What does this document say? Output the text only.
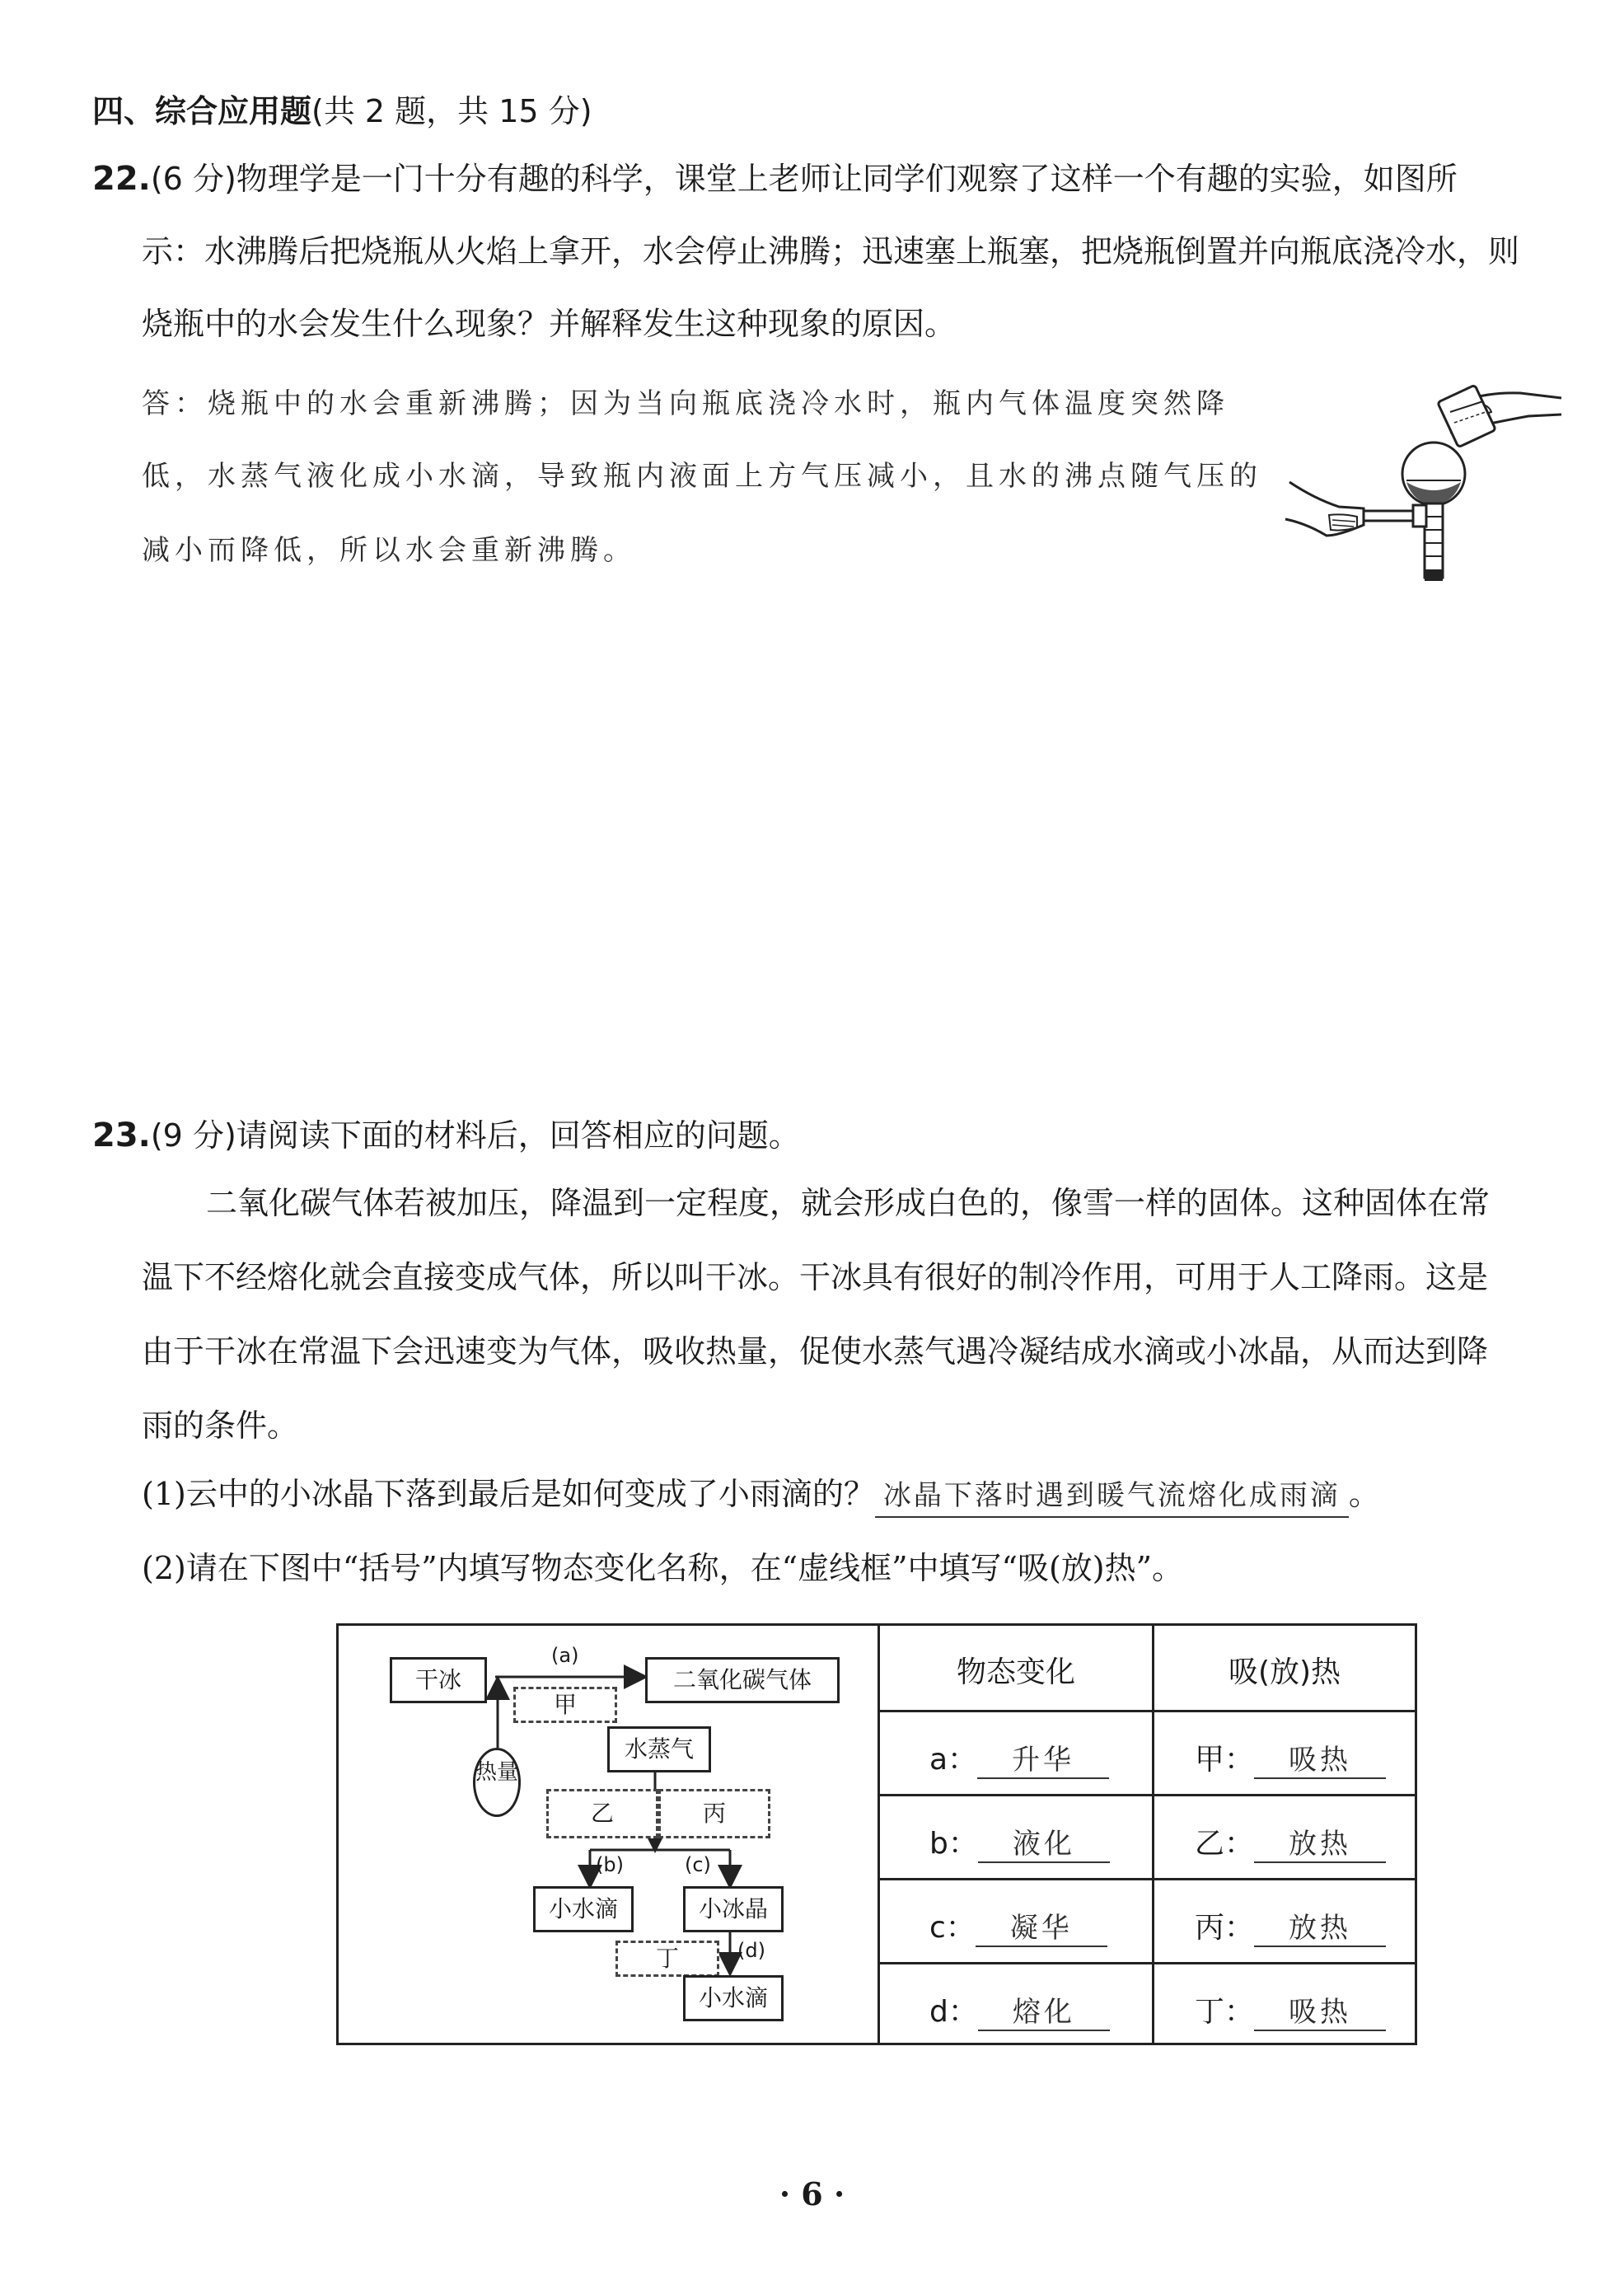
四、综合应用题(共 2 题，共 15 分)
22.(6 分)物理学是一门十分有趣的科学，课堂上老师让同学们观察了这样一个有趣的实验，如图所
示：水沸腾后把烧瓶从火焰上拿开，水会停止沸腾；迅速塞上瓶塞，把烧瓶倒置并向瓶底浇冷水，则
烧瓶中的水会发生什么现象？并解释发生这种现象的原因。
答：烧瓶中的水会重新沸腾；因为当向瓶底浇冷水时，瓶内气体温度突然降
低，水蒸气液化成小水滴，导致瓶内液面上方气压减小，且水的沸点随气压的
减小而降低，所以水会重新沸腾。
23.(9 分)请阅读下面的材料后，回答相应的问题。
二氧化碳气体若被加压，降温到一定程度，就会形成白色的，像雪一样的固体。这种固体在常
温下不经熔化就会直接变成气体，所以叫干冰。干冰具有很好的制冷作用，可用于人工降雨。这是
由于干冰在常温下会迅速变为气体，吸收热量，促使水蒸气遇冷凝结成水滴或小冰晶，从而达到降
雨的条件。
(1)云中的小冰晶下落到最后是如何变成了小雨滴的？ 冰晶下落时遇到暖气流熔化成雨滴 。
(2)请在下图中“括号”内填写物态变化名称，在“虚线框”中填写“吸(放)热”。
干冰
(a)
二氧化碳气体
甲
热量
水蒸气
乙	丙
(b)	(c)
小水滴	小冰晶
丁	(d)
小水滴
物态变化	吸(放)热
a： 升华	甲： 吸热
b： 液化	乙： 放热
c： 凝华	丙： 放热
d： 熔化	丁： 吸热
· 6 ·
